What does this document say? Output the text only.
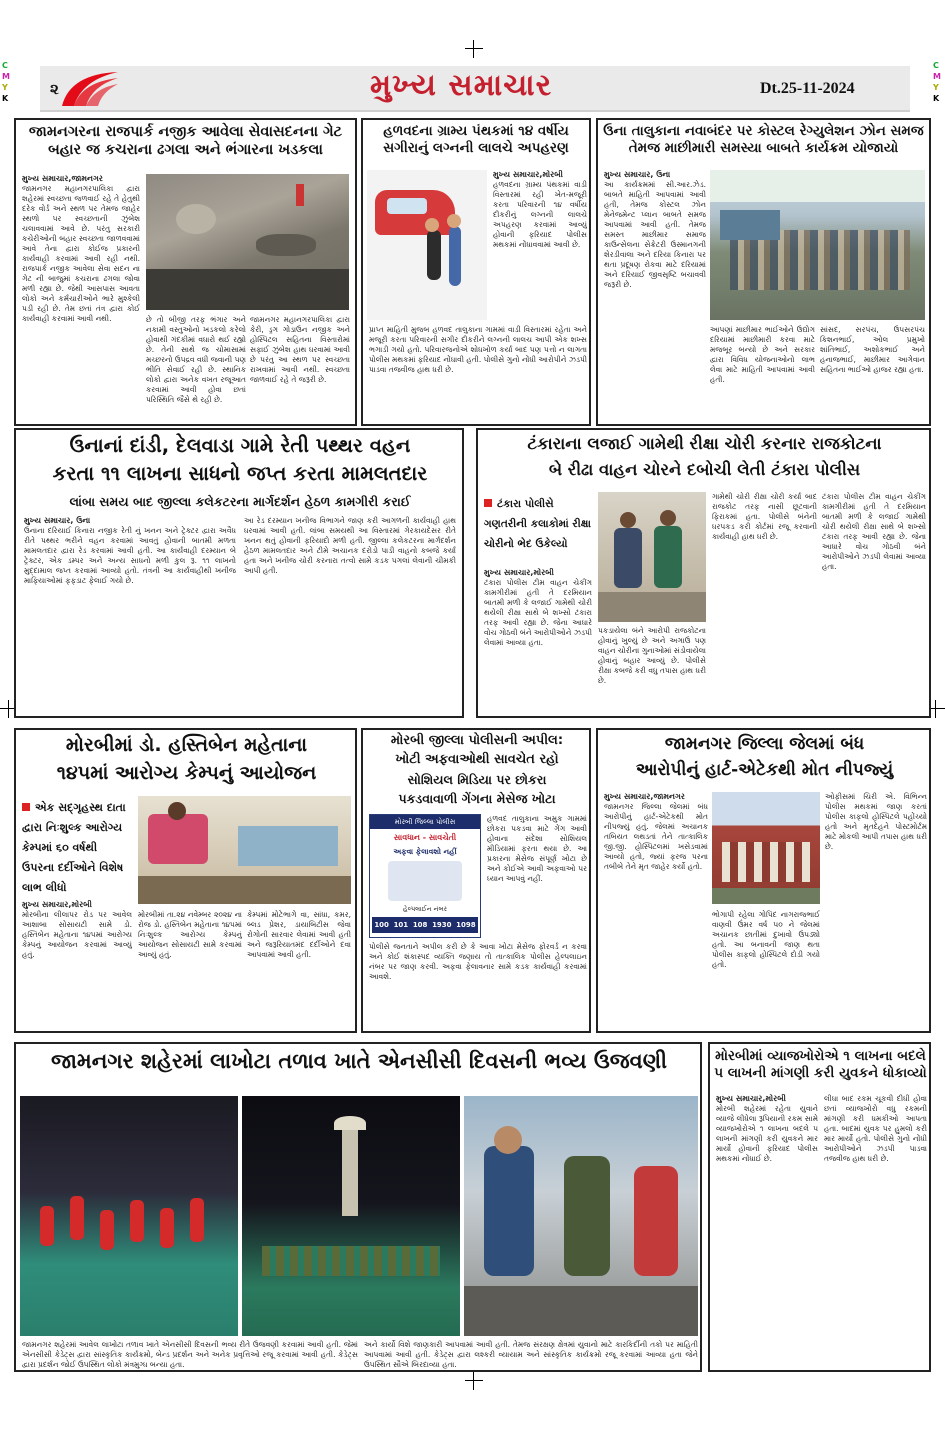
C
M
Y
K
C
M
Y
K
૨	મુખ્ય સમાચાર	Dt.25-11-2024
જામનગરના રાજપાર્ક નજીક આવેલા સેવાસદનના ગેટ બહાર જ કચરાના ઢગલા અને ભંગારના ખડકલા
મુખ્ય સમાચાર,જામનગર
જામનગર મહાનગરપાલિકા દ્વારા શહેરમાં સ્વચ્છતા જળવાઈ રહે તે હેતુથી દરેક વોર્ડ અને સ્થળ પર તેમજ જાહેર સ્થળો પર સ્વચ્છતાની ઝુંબેશ ચલાવવામાં આવે છે. પરંતુ સરકારી કચેરીઓની બહાર સ્વચ્છતા જાળવવામાં આવે તેના દ્વારા કોઈજ પ્રકારની કાર્યવાહી કરવામાં આવી રહી નથી. રાજપાર્ક નજીક આવેલા સેવા સદન ના ગેટ ની બાજુમાં કચરાના ઢગલા જોવા મળી રહ્યા છે. જેથી આસપાસ આવતા લોકો અને કર્મચારીઓને ભારે મુશ્કેલી પડી રહી છે. તેમ છતાં તંત્ર દ્વારા કોઈ કાર્યવાહી કરવામાં આવી નથી.	છે તો બીજી તરફ ભંગાર અને નકામી વસ્તુઓનો ખડકલો કરેલો હોવાથી ગંદકીમાં વધારો થઈ રહ્યો છે. તેની સાથે જ ચોમાસામાં મચ્છરનો ઉપદ્રવ વધી જવાની પણ ભીતિ સેવાઈ રહી છે. સ્થાનિક લોકો દ્વારા અનેક વખત રજૂઆત કરવામાં આવી હોવા છતાં પરિસ્થિતિ જૈસે થે રહી છે.
જામનગર મહાનગરપાલિકા દ્વારા કેરી, ડ્રગ ગોડાઉન નજીક અને હોસ્પિટલ સહિતના વિસ્તારોમાં સફાઈ ઝુંબેશ હાથ ધરવામાં આવી છે પરંતુ આ સ્થળ પર સ્વચ્છતા રાખવામાં આવી નથી. સ્વચ્છતા જાળવાઈ રહે તે જરૂરી છે.
હળવદના ગ્રામ્ય પંથકમાં ૧૪ વર્ષીય સગીરાનું લગ્નની લાલચે અપહરણ
મુખ્ય સમાચાર,મોરબી
હળવદના ગ્રામ્ય પંથકમાં વાડી વિસ્તારમાં રહી ખેત-મજૂરી કરતા પરિવારની ૧૪ વર્ષીય દીકરીનું લગ્નની લાલચે અપહરણ કરવામાં આવ્યું હોવાની ફરિયાદ પોલીસ મથકમાં નોંધાવવામાં આવી છે.
પ્રાપ્ત માહિતી મુજબ હળવદ તાલુકાના ગામમાં વાડી વિસ્તારમાં રહેતા અને મજૂરી કરતા પરિવારની સગીર દીકરીને લગ્નની લાલચ આપી એક શખ્સ ભગાડી ગયો હતો. પરિવારજનોએ શોધખોળ કર્યા બાદ પણ પત્તો ન લાગતા પોલીસ મથકમાં ફરિયાદ નોંધાવી હતી. પોલીસે ગુનો નોંધી આરોપીને ઝડપી પાડવા તજવીજ હાથ ધરી છે.
ઉના તાલુકાના નવાબંદર પર કોસ્ટલ રેગ્યુલેશન ઝોન સમજ તેમજ માછીમારી સમસ્યા બાબતે કાર્યક્રમ યોજાયો
મુખ્ય સમાચાર, ઉના
આ કાર્યક્રમમાં સી.આર.ઝેડ. બાબતે માહિતી આપવામાં આવી હતી, તેમજ કોસ્ટલ ઝોન મેનેજમેન્ટ પ્લાન બાબતે સમજ આપવામાં આવી હતી. તેમજ સમસ્ત માછીમાર સમાજ કાઉન્સેલના સેક્રેટરી ઉસ્માનગની શેરડીવાલા અને દરિયા કિનારા પર થતા પ્રદૂષણ રોકવા માટે દરિયામાં અને દરિયાઈ જીવસૃષ્ટિ બચાવવી જરૂરી છે.
આપણાં માછીમાર ભાઈઓને ઉદ્યોગ દરિયામાં માછીમારી કરવા માટે મજબૂર બન્યો છે અને સરકાર દ્વારા વિવિધ યોજનાઓનો લાભ લેવા માટે માહિતી આપવામાં આવી હતી.
સાંસદ, સરપંચ, ઉપસરપંચ કિશનભાઈ, ઓલ પ્રમુખો શાંતિભાઈ, અશોકભાઈ અને હનાજભાઈ, માછીમાર આગેવાન સહિતના ભાઈઓ હાજર રહ્યા હતા.
ઉનાનાં દાંડી, દેલવાડા ગામે રેતી પથ્થર વહન
કરતા ૧૧ લાખના સાધનો જપ્ત કરતા મામલતદાર
લાંબા સમય બાદ જીલ્લા કલેકટરના માર્ગદર્શન હેઠળ કામગીરી કરાઈ
મુખ્ય સમાચાર, ઉના
ઉનાના દરિયાઈ કિનારા નજીક રેતી નું ખનન અને ટ્રેક્ટર દ્વારા અવૈધ રીતે પથ્થર ભરીને વહન કરવામાં આવતું હોવાની બાતમી મળતા મામલતદાર દ્વારા રેડ કરવામાં આવી હતી. આ કાર્યવાહી દરમ્યાન બે ટ્રેક્ટર, એક ડમ્પર અને અન્ય સાધનો મળી કુલ રૂ. ૧૧ લાખનો મુદ્દામાલ જપ્ત કરવામાં આવ્યો હતો. તંત્રની આ કાર્યવાહીથી ખનીજ માફિયાઓમાં ફફડાટ ફેલાઈ ગયો છે.
આ રેડ દરમ્યાન ખનીજ વિભાગને જાણ કરી આગળની કાર્યવાહી હાથ ધરવામાં આવી હતી. લાંબા સમયથી આ વિસ્તારમાં ગેરકાયદેસર રીતે ખનન થતું હોવાની ફરિયાદો મળી હતી. જીલ્લા કલેકટરના માર્ગદર્શન હેઠળ મામલતદાર અને ટીમે અચાનક દરોડો પાડી વાહનો કબજે કર્યા હતા અને ખનીજ ચોરી કરનારા તત્વો સામે કડક પગલાં લેવાની ચીમકી આપી હતી.
ટંકારાના લજાઈ ગામેથી રીક્ષા ચોરી કરનાર રાજકોટના
બે રીઢા વાહન ચોરને દબોચી લેતી ટંકારા પોલીસ
ટંકારા પોલીસે ગણતરીની કલાકોમાં રીક્ષા ચોરીનો ભેદ ઉકેલ્યો
મુખ્ય સમાચાર,મોરબી
ટંકારા પોલીસ ટીમ વાહન ચેકીંગ કામગીરીમાં હતી તે દરમિયાન બાતમી મળી કે લજાઈ ગામેથી ચોરી થયેલી રીક્ષા સાથે બે શખ્સો ટંકારા તરફ આવી રહ્યા છે. જેના આધારે વોચ ગોઠવી બંને આરોપીઓને ઝડપી લેવામાં આવ્યા હતા.
પકડાયેલા બંને આરોપી રાજકોટના હોવાનું ખુલ્યું છે અને અગાઉ પણ વાહન ચોરીના ગુનાઓમાં સંડોવાયેલા હોવાનું બહાર આવ્યું છે. પોલીસે રીક્ષા કબજે કરી વધુ તપાસ હાથ ધરી છે.
ગામેથી ચોરી રીક્ષા ચોરી કર્યા બાદ રાજકોટ તરફ નાસી છૂટવાની ફિરાકમાં હતા. પોલીસે બંનેની ધરપકડ કરી કોર્ટમાં રજૂ કરવાની કાર્યવાહી હાથ ધરી છે.
ટંકારા પોલીસ ટીમ વાહન ચેકીંગ કામગીરીમાં હતી તે દરમિયાન બાતમી મળી કે લજાઈ ગામેથી ચોરી થયેલી રીક્ષા સાથે બે શખ્સો ટંકારા તરફ આવી રહ્યા છે. જેના આધારે વોચ ગોઠવી બંને આરોપીઓને ઝડપી લેવામાં આવ્યા હતા.
મોરબીમાં ડો. હસ્તિબેન મહેતાના
૧૪૫માં આરોગ્ય કેમ્પનું આયોજન
એક સદ્ગૃહસ્થ દાતા દ્વારા નિઃશુલ્ક આરોગ્ય કેમ્પમાં ૬૦ વર્ષથી ઉપરના દર્દીઓને વિશેષ લાભ લીધો
મુખ્ય સમાચાર,મોરબી
મોરબીના લીલાપર રોડ પર આવેલ આશાબા સોસાયટી સામે ડો. હસ્તિબેન મહેતાના ૧૪૫માં આરોગ્ય કેમ્પનું આયોજન કરવામાં આવ્યું હતું.
મોરબીમાં તા.૨૪ નવેમ્બર ૨૦૨૪ ના રોજ ડો. હસ્તિબેન મહેતાના ૧૪૫માં નિઃશુલ્ક આરોગ્ય કેમ્પનું આયોજન સોસાયટી સામે કરવામાં આવ્યું હતું.
કેમ્પમાં મોટેભાગે વા, સાંધા, કમર, બ્લડ પ્રેશર, ડાયાબિટીસ જેવા રોગોની સારવાર લેવામાં આવી હતી અને જરૂરિયાતમંદ દર્દીઓને દવા આપવામાં આવી હતી.
મોરબી જીલ્લા પોલીસની અપીલ:
ખોટી અફવાઓથી સાવચેત રહો
સોશિયલ મિડિયા પર છોકરા
પકડવાવાળી ગેંગના મેસેજ ખોટા
મોરબી જિલ્લા પોલીસ
સાવધાન - સાવચેતી
અફવા ફેલાવશો નહીં
હેલ્પલાઈન નંબર
100 101 108 1930 1098
હળવદ તાલુકાના અમુક ગામમાં છોકરા પકડવા માટે ગેંગ આવી હોવાના સંદેશા સોશિયલ મીડિયામાં ફરતા થયા છે. આ પ્રકારના મેસેજ સંપૂર્ણ ખોટા છે અને કોઈએ આવી અફવાઓ પર ધ્યાન આપવું નહીં.
પોલીસે જનતાને અપીલ કરી છે કે આવા ખોટા મેસેજ ફોરવર્ડ ન કરવા અને કોઈ શંકાસ્પદ વ્યક્તિ જણાય તો તાત્કાલિક પોલીસ હેલ્પલાઇન નંબર પર જાણ કરવી. અફવા ફેલાવનાર સામે કડક કાર્યવાહી કરવામાં આવશે.
જામનગર જિલ્લા જેલમાં બંધ
આરોપીનું હાર્ટ-એટેકથી મોત નીપજ્યું
મુખ્ય સમાચાર,જામનગર
જામનગર જિલ્લા જેલમાં બંધ આરોપીનું હાર્ટ-એટેકથી મોત નીપજ્યું હતું. જેલમાં અચાનક તબિયત લથડતાં તેને તાત્કાલિક જી.જી. હોસ્પિટલમાં ખસેડવામાં આવ્યો હતો, જ્યાં ફરજ પરના તબીબે તેને મૃત જાહેર કર્યો હતો.
ભોગાપી રહેલા ગોપિંદ નાગરાજભાઈ વાણવી ઉંમર વર્ષ ૫૦ ને જેલમાં અચાનક છાતીમાં દુખાવો ઉપડ્યો હતો. આ બનાવની જાણ થતા પોલીસ કાફલો હોસ્પિટલે દોડી ગયો હતો.
ઓફીસમાં ચિરી એ. વિભિન્ન પોલીસ મથકમાં જાણ કરતાં પોલીસ કાફલો હોસ્પિટલે પહોંચ્યો હતો અને મૃતદેહને પોસ્ટમોર્ટમ માટે મોકલી આપી તપાસ હાથ ધરી છે.
જામનગર શહેરમાં લાખોટા તળાવ ખાતે એનસીસી દિવસની ભવ્ય ઉજવણી
જામનગર શહેરમાં આવેલ લાખોટા તળાવ ખાતે એનસીસી દિવસની ભવ્ય રીતે ઉજવણી કરવામાં આવી હતી. જેમાં એનસીસી કેડેટ્સ દ્વારા સાંસ્કૃતિક કાર્યક્રમો, બેન્ડ પ્રદર્શન અને અનેક પ્રવૃત્તિઓ રજૂ કરવામાં આવી હતી. કેડેટ્સ દ્વારા પ્રદર્શન જોઈ ઉપસ્થિત લોકો મંત્રમુગ્ધ બન્યા હતા.
અને કાર્યો વિશે જાણકારી આપવામાં આવી હતી. તેમજ સંરક્ષણ ક્ષેત્રમાં યુવાનો માટે કારકિર્દીની તકો પર માહિતી આપવામાં આવી હતી. કેડેટ્સ દ્વારા લશ્કરી વ્યાયામ અને સાંસ્કૃતિક કાર્યક્રમો રજૂ કરવામાં આવ્યા હતા જેને ઉપસ્થિત સૌએ બિરદાવ્યા હતા.
મોરબીમાં વ્યાજખોરોએ ૧ લાખના બદલે ૫ લાખની માંગણી કરી યુવકને ધોકાવ્યો
મુખ્ય સમાચાર,મોરબી
મોરબી શહેરમાં રહેતા યુવાને વ્યાજે લીધેલા રૂપિયાની રકમ સામે વ્યાજખોરોએ ૧ લાખના બદલે ૫ લાખની માંગણી કરી યુવકને માર માર્યો હોવાની ફરિયાદ પોલીસ મથકમાં નોંધાઈ છે.
લીધા બાદ રકમ ચૂકવી દીધી હોવા છતાં વ્યાજખોરો વધુ રકમની માંગણી કરી ધમકીઓ આપતા હતા. બાદમાં યુવક પર હુમલો કરી માર માર્યો હતો. પોલીસે ગુનો નોંધી આરોપીઓને ઝડપી પાડવા તજવીજ હાથ ધરી છે.
